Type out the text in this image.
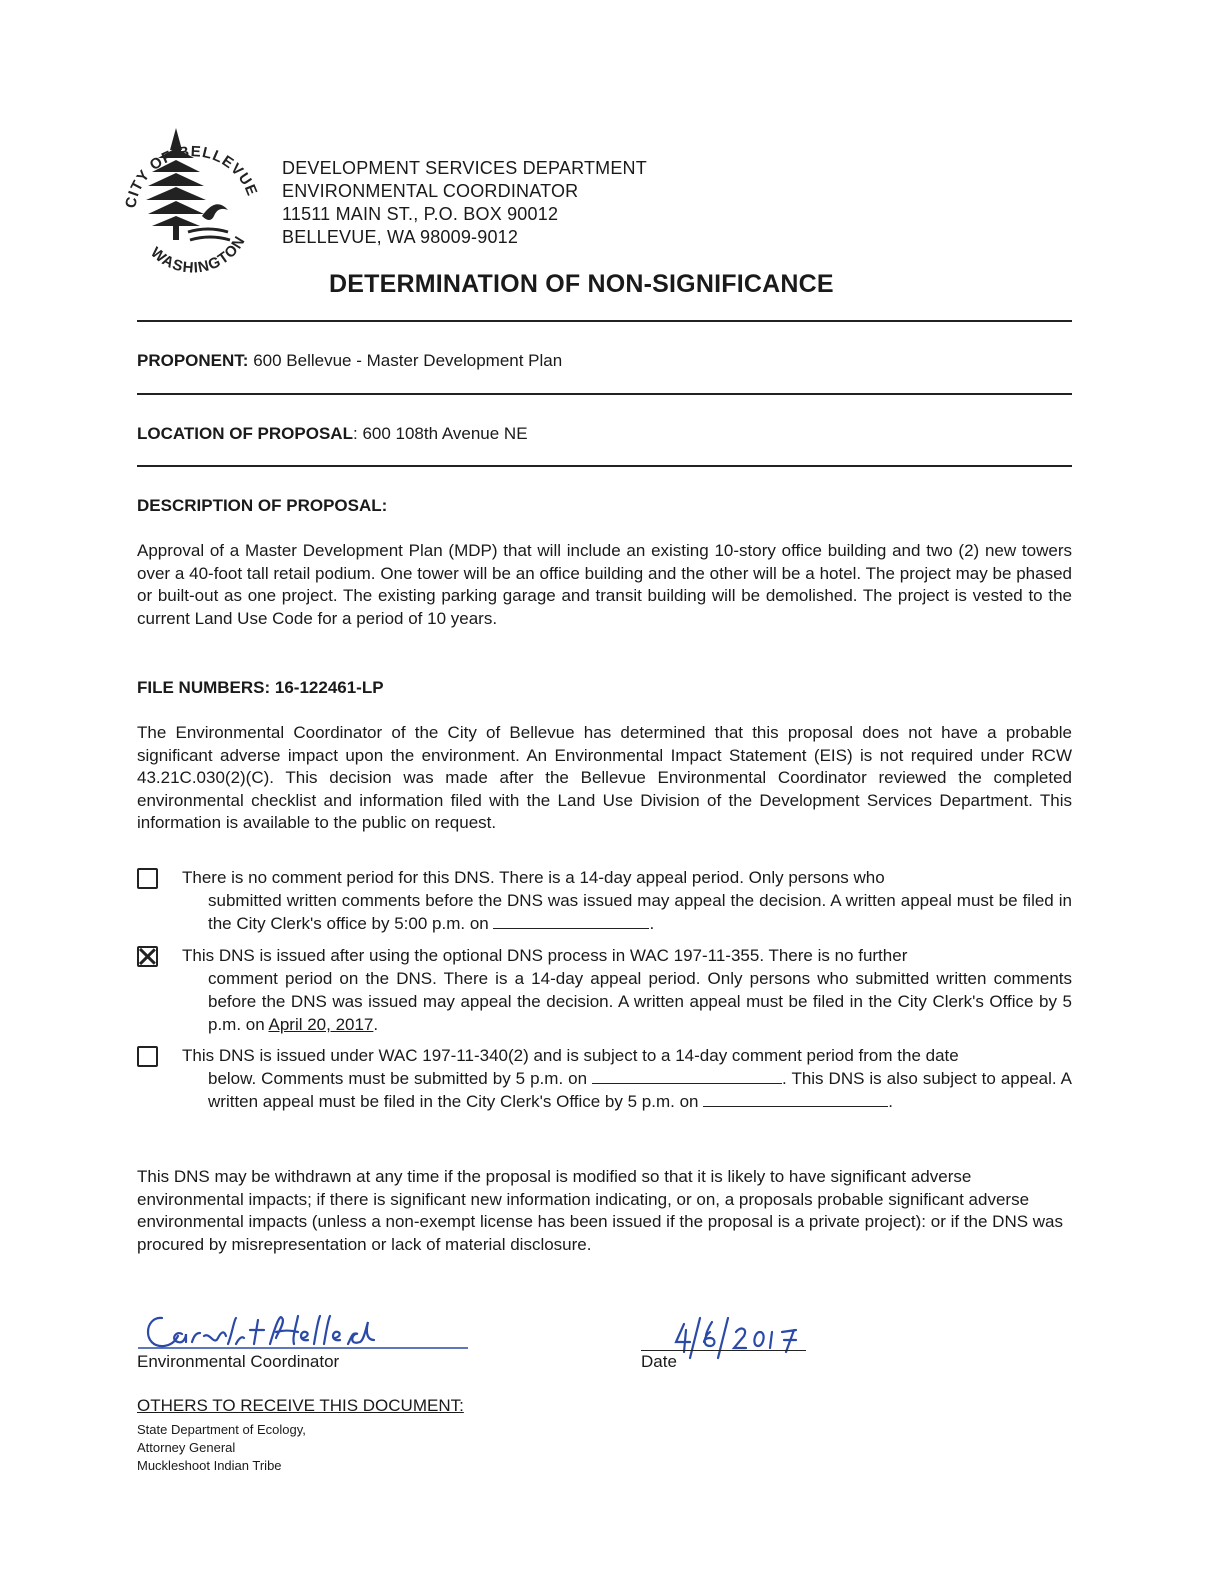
CITY OF BELLEVUE
WASHINGTON
DEVELOPMENT SERVICES DEPARTMENT
ENVIRONMENTAL COORDINATOR
11511 MAIN ST., P.O. BOX 90012
BELLEVUE, WA 98009-9012
DETERMINATION OF NON-SIGNIFICANCE
PROPONENT: 600 Bellevue - Master Development Plan
LOCATION OF PROPOSAL: 600 108th Avenue NE
DESCRIPTION OF PROPOSAL:
Approval of a Master Development Plan (MDP) that will include an existing 10-story office building and two (2) new towers over a 40-foot tall retail podium. One tower will be an office building and the other will be a hotel. The project may be phased or built-out as one project. The existing parking garage and transit building will be demolished. The project is vested to the current Land Use Code for a period of 10 years.
FILE NUMBERS: 16-122461-LP
The Environmental Coordinator of the City of Bellevue has determined that this proposal does not have a probable significant adverse impact upon the environment. An Environmental Impact Statement (EIS) is not required under RCW 43.21C.030(2)(C). This decision was made after the Bellevue Environmental Coordinator reviewed the completed environmental checklist and information filed with the Land Use Division of the Development Services Department. This information is available to the public on request.
There is no comment period for this DNS. There is a 14-day appeal period. Only persons who
submitted written comments before the DNS was issued may appeal the decision. A written appeal must be filed in the City Clerk's office by 5:00 p.m. on	.
This DNS is issued after using the optional DNS process in WAC 197-11-355. There is no further
comment period on the DNS. There is a 14-day appeal period. Only persons who submitted written comments before the DNS was issued may appeal the decision. A written appeal must be filed in the City Clerk's Office by 5 p.m. on April 20, 2017.
This DNS is issued under WAC 197-11-340(2) and is subject to a 14-day comment period from the date
below. Comments must be submitted by 5 p.m. on	. This DNS is also subject to appeal. A written appeal must be filed in the City Clerk's Office by 5 p.m. on	.
This DNS may be withdrawn at any time if the proposal is modified so that it is likely to have significant adverse environmental impacts; if there is significant new information indicating, or on, a proposals probable significant adverse environmental impacts (unless a non-exempt license has been issued if the proposal is a private project): or if the DNS was procured by misrepresentation or lack of material disclosure.
Environmental Coordinator	Date
OTHERS TO RECEIVE THIS DOCUMENT:
State Department of Ecology,
Attorney General
Muckleshoot Indian Tribe
